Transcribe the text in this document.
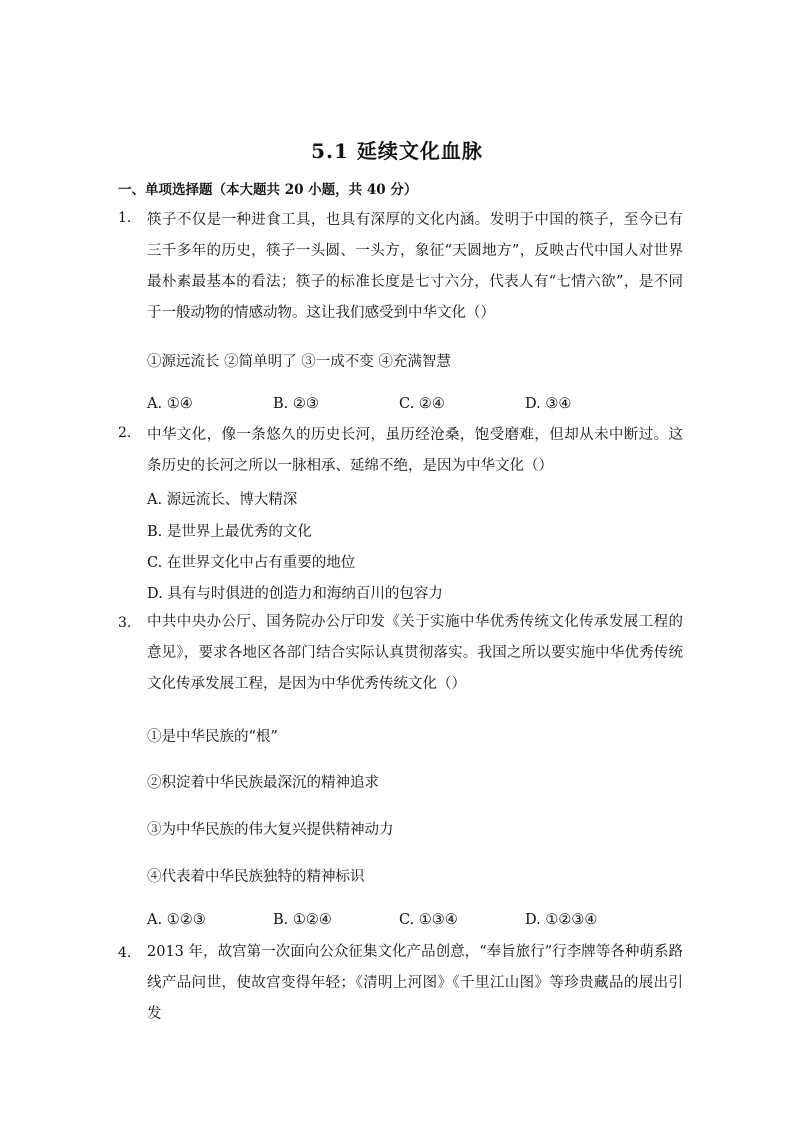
5.1 延续文化血脉
一、单项选择题（本大题共 20 小题，共 40 分）
1. 筷子不仅是一种进食工具，也具有深厚的文化内涵。发明于中国的筷子，至今已有三千多年的历史，筷子一头圆、一头方，象征“天圆地方”，反映古代中国人对世界最朴素最基本的看法；筷子的标准长度是七寸六分，代表人有“七情六欲”，是不同于一般动物的情感动物。这让我们感受到中华文化（）
①源远流长 ②简单明了 ③一成不变 ④充满智慧
A. ①④	B. ②③	C. ②④	D. ③④
2. 中华文化，像一条悠久的历史长河，虽历经沧桑，饱受磨难，但却从未中断过。这条历史的长河之所以一脉相承、延绵不绝，是因为中华文化（）
A. 源远流长、博大精深
B. 是世界上最优秀的文化
C. 在世界文化中占有重要的地位
D. 具有与时俱进的创造力和海纳百川的包容力
3. 中共中央办公厅、国务院办公厅印发《关于实施中华优秀传统文化传承发展工程的意见》，要求各地区各部门结合实际认真贯彻落实。我国之所以要实施中华优秀传统文化传承发展工程，是因为中华优秀传统文化（）
①是中华民族的“根”
②积淀着中华民族最深沉的精神追求
③为中华民族的伟大复兴提供精神动力
④代表着中华民族独特的精神标识
A. ①②③	B. ①②④	C. ①③④	D. ①②③④
4. 2013 年，故宫第一次面向公众征集文化产品创意，“奉旨旅行”行李牌等各种萌系路线产品问世，使故宫变得年轻；《清明上河图》《千里江山图》等珍贵藏品的展出引发
